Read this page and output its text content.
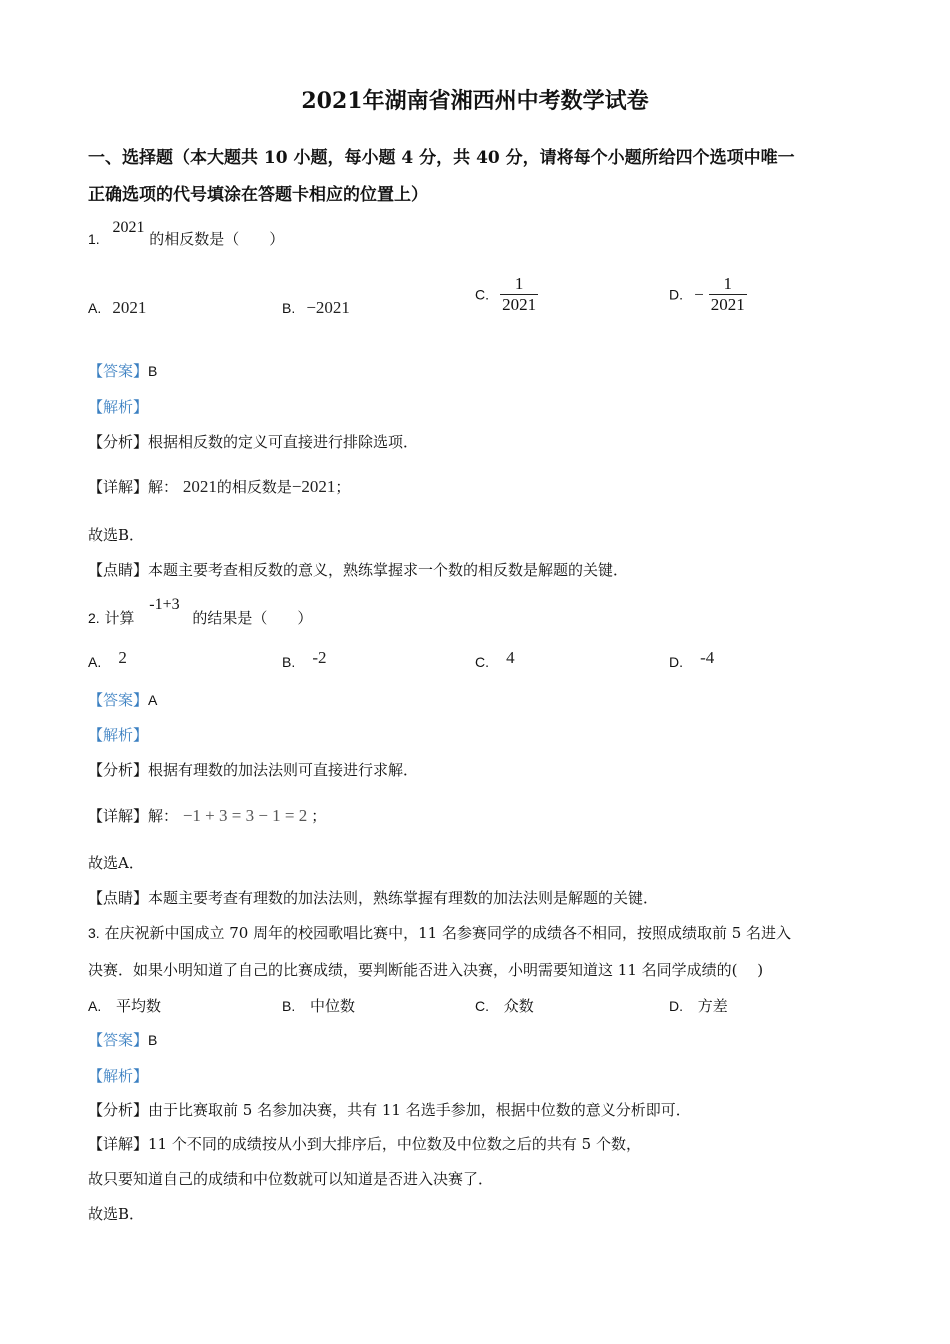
2021年湖南省湘西州中考数学试卷
一、选择题（本大题共 10 小题，每小题 4 分，共 40 分，请将每个小题所给四个选项中唯一
正确选项的代号填涂在答题卡相应的位置上）
1. 2021 的相反数是（　　）
A. 2021	B. −2021
C. $\frac{1}{2021}$	D. − $\frac{1}{2021}$
【答案】B
【解析】
【分析】根据相反数的定义可直接进行排除选项．
【详解】解： 2021的相反数是−2021；
故选B．
【点睛】本题主要考查相反数的意义，熟练掌握求一个数的相反数是解题的关键．
2. 计算 -1+3 的结果是（　　）
A. 2	B. -2	C. 4	D. -4
【答案】A
【解析】
【分析】根据有理数的加法法则可直接进行求解．
【详解】解： −1 + 3 = 3 − 1 = 2 ；
故选A．
【点睛】本题主要考查有理数的加法法则，熟练掌握有理数的加法法则是解题的关键．
3. 在庆祝新中国成立 70 周年的校园歌唱比赛中，11 名参赛同学的成绩各不相同，按照成绩取前 5 名进入
决赛．如果小明知道了自己的比赛成绩，要判断能否进入决赛，小明需要知道这 11 名同学成绩的(　 )
A. 平均数	B. 中位数	C. 众数	D. 方差
【答案】B
【解析】
【分析】由于比赛取前 5 名参加决赛，共有 11 名选手参加，根据中位数的意义分析即可．
【详解】11 个不同的成绩按从小到大排序后，中位数及中位数之后的共有 5 个数，
故只要知道自己的成绩和中位数就可以知道是否进入决赛了．
故选B．
